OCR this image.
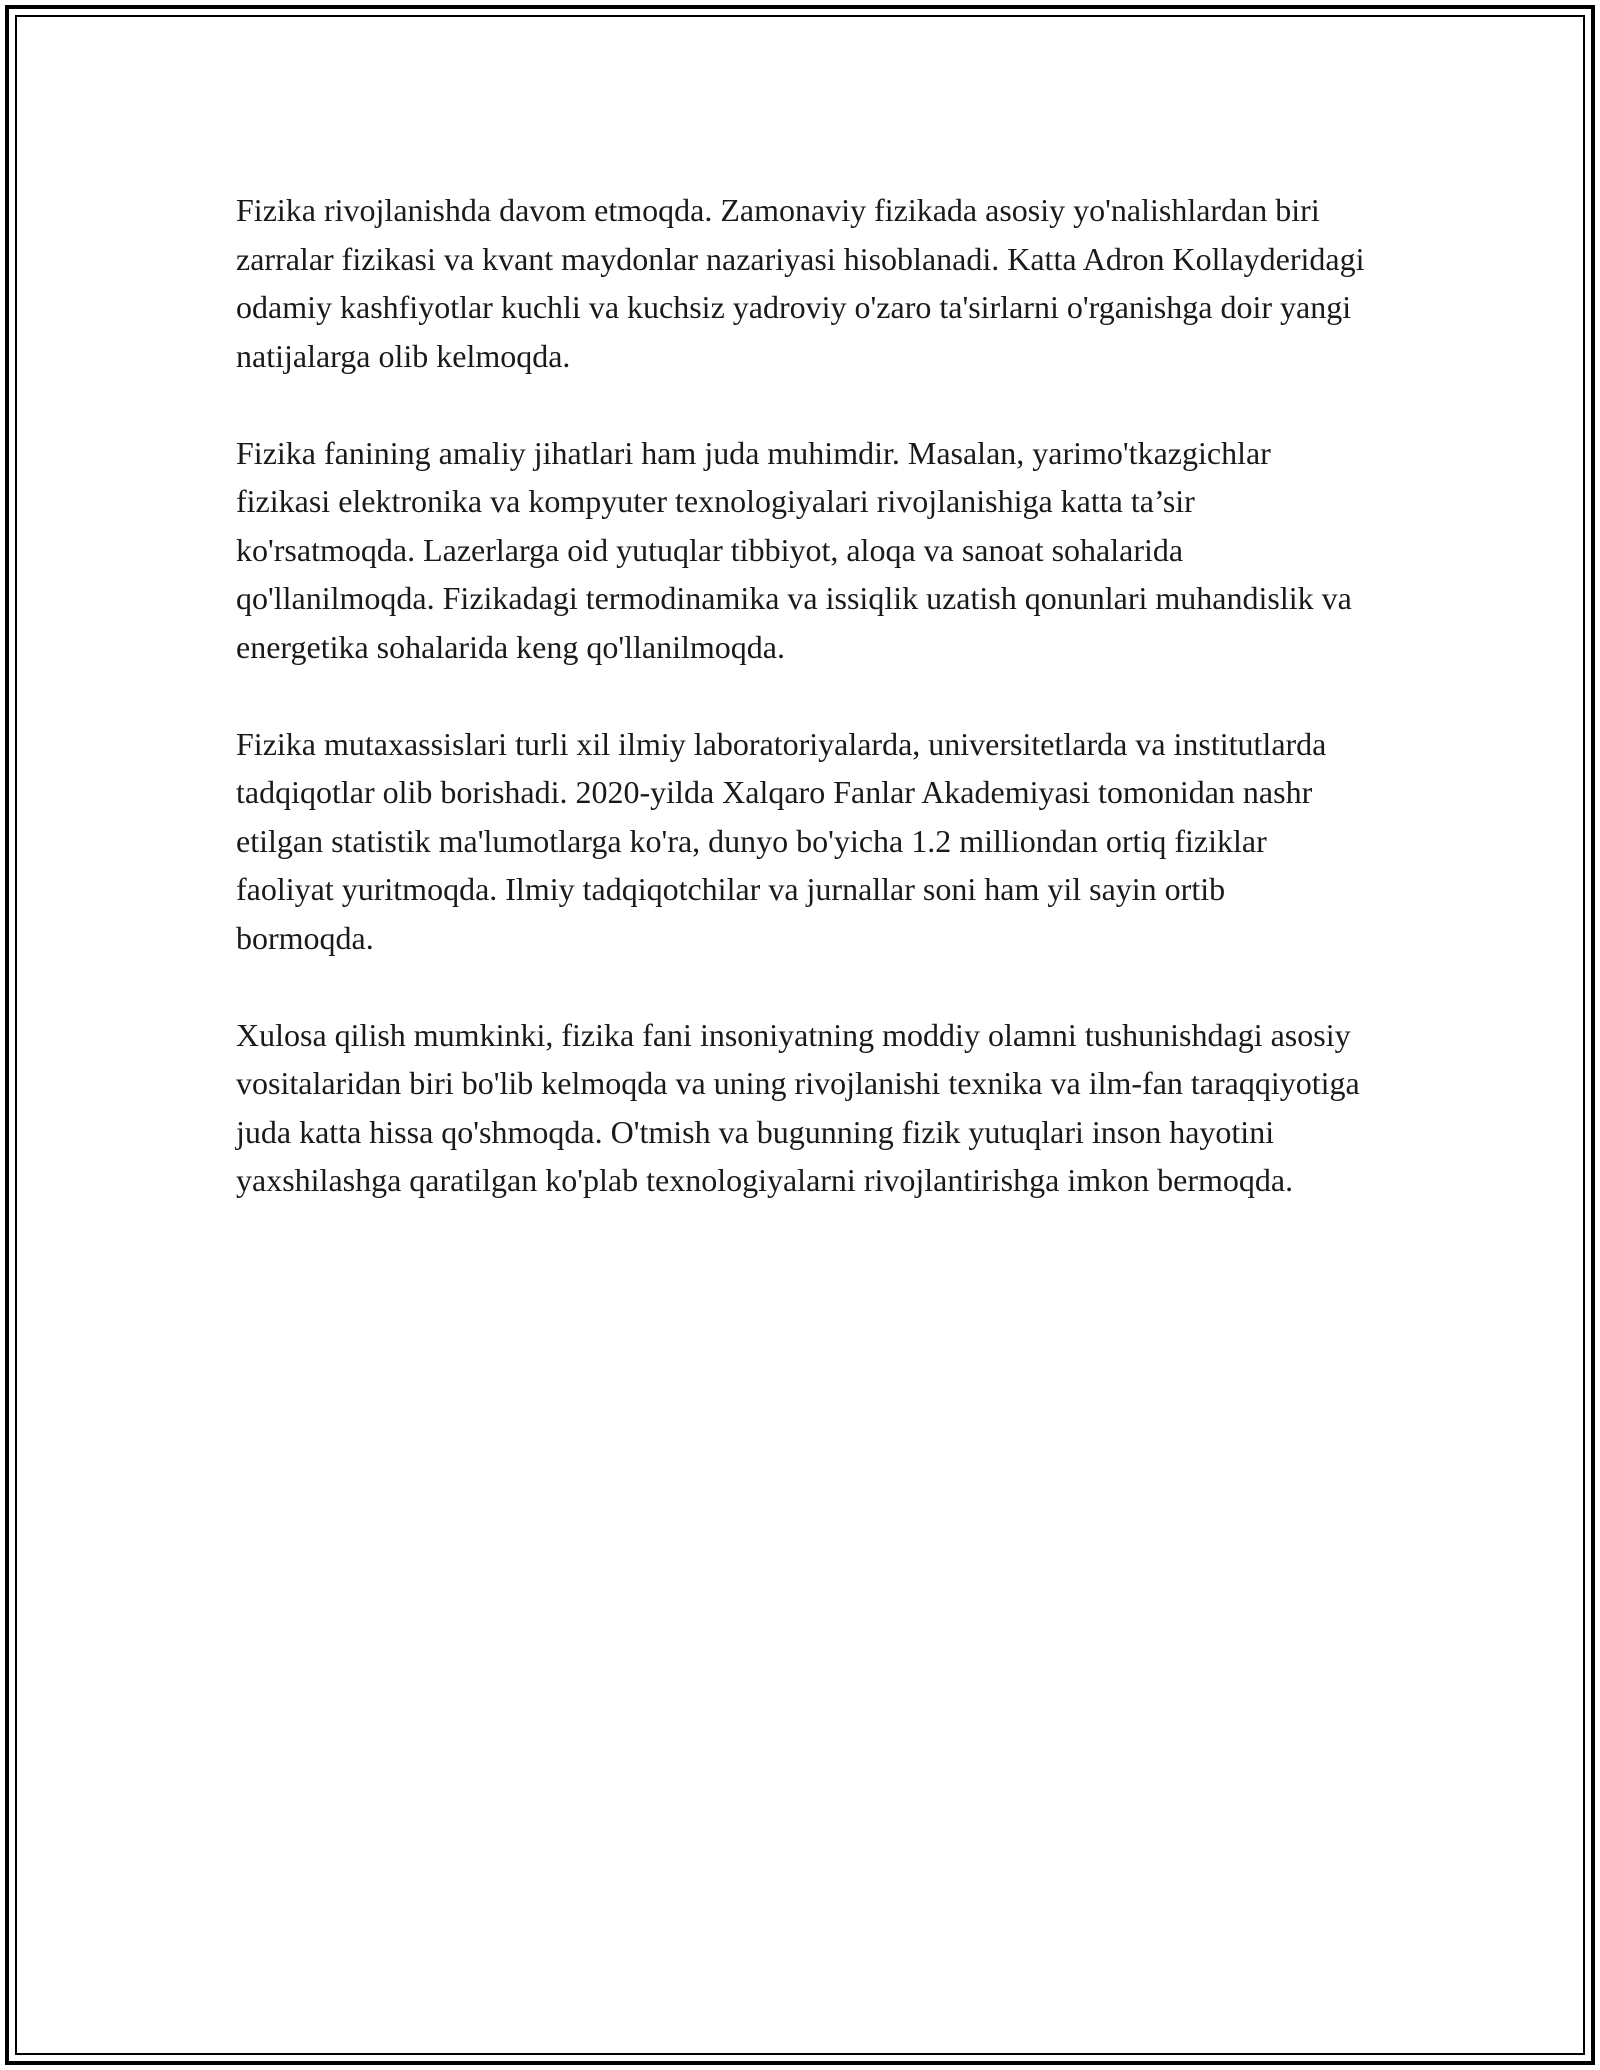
Fizika rivojlanishda davom etmoqda. Zamonaviy fizikada asosiy yo'nalishlardan biri zarralar fizikasi va kvant maydonlar nazariyasi hisoblanadi. Katta Adron Kollayderidagi odamiy kashfiyotlar kuchli va kuchsiz yadroviy o'zaro ta'sirlarni o'rganishga doir yangi natijalarga olib kelmoqda.

Fizika fanining amaliy jihatlari ham juda muhimdir. Masalan, yarimo'tkazgichlar fizikasi elektronika va kompyuter texnologiyalari rivojlanishiga katta ta’sir ko'rsatmoqda. Lazerlarga oid yutuqlar tibbiyot, aloqa va sanoat sohalarida qo'llanilmoqda. Fizikadagi termodinamika va issiqlik uzatish qonunlari muhandislik va energetika sohalarida keng qo'llanilmoqda.

Fizika mutaxassislari turli xil ilmiy laboratoriyalarda, universitetlarda va institutlarda tadqiqotlar olib borishadi. 2020-yilda Xalqaro Fanlar Akademiyasi tomonidan nashr etilgan statistik ma'lumotlarga ko'ra, dunyo bo'yicha 1.2 milliondan ortiq fiziklar faoliyat yuritmoqda. Ilmiy tadqiqotchilar va jurnallar soni ham yil sayin ortib bormoqda.

Xulosa qilish mumkinki, fizika fani insoniyatning moddiy olamni tushunishdagi asosiy vositalaridan biri bo'lib kelmoqda va uning rivojlanishi texnika va ilm-fan taraqqiyotiga juda katta hissa qo'shmoqda. O'tmish va bugunning fizik yutuqlari inson hayotini yaxshilashga qaratilgan ko'plab texnologiyalarni rivojlantirishga imkon bermoqda.
